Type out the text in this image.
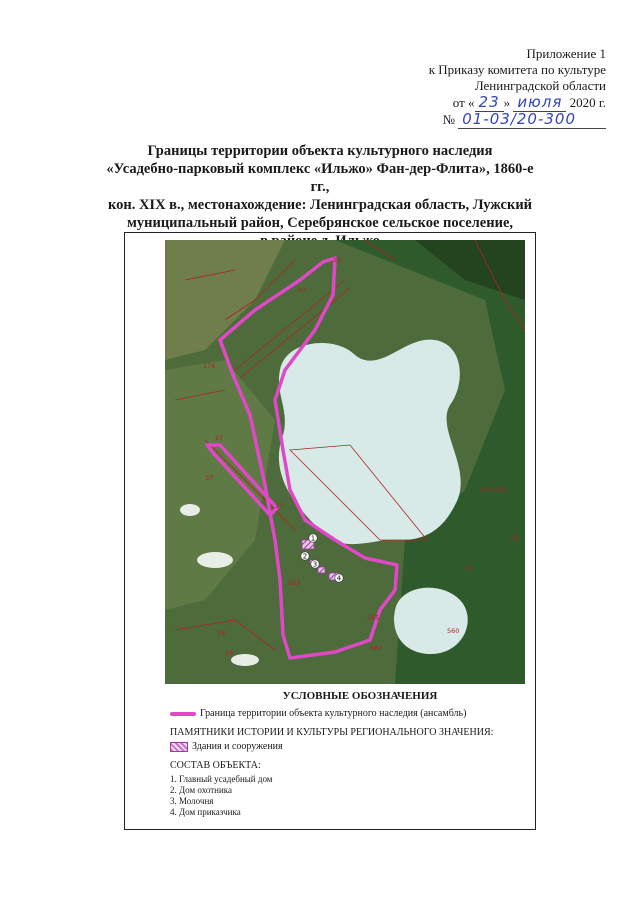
Приложение 1
к Приказу комитета по культуре
Ленинградской области
от « 23 » июля 2020 г.
№ 01-03/20-300
Границы территории объекта культурного наследия
«Усадебно-парковый комплекс «Ильжо» Фан-дер-Флита», 1860-е гг.,
кон. XIX в., местонахождение: Ленинградская область, Лужский
муниципальный район, Серебрянское сельское поселение,
1
2
3
4
22
10
176
27
17
37
18
16
653
21
365
560
682
23
075:001
УСЛОВНЫЕ ОБОЗНАЧЕНИЯ
Граница территории объекта культурного наследия (ансамбль)
ПАМЯТНИКИ ИСТОРИИ И КУЛЬТУРЫ РЕГИОНАЛЬНОГО ЗНАЧЕНИЯ:
Здания и сооружения
СОСТАВ ОБЪЕКТА:
1. Главный усадебный дом
2. Дом охотника
3. Молочня
4. Дом приказчика
